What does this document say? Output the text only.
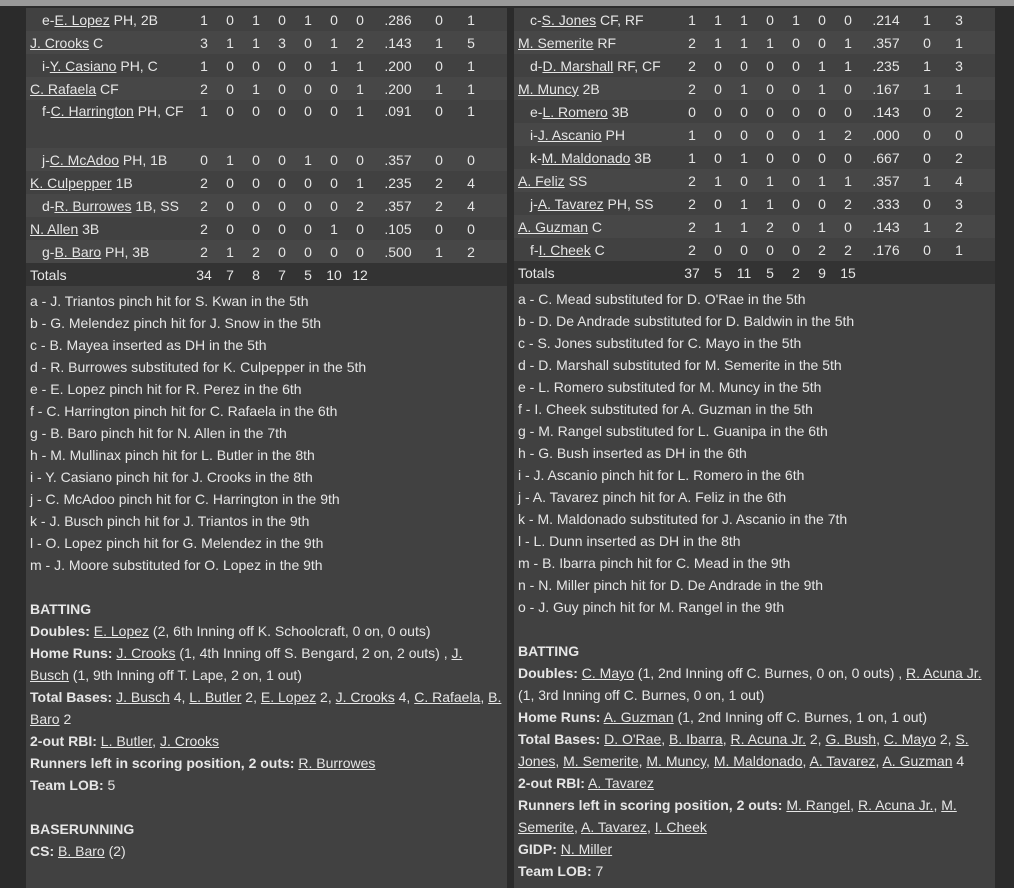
e-E. Lopez PH, 2B	1	0	1	0	1	0	0	.286	0	1	
J. Crooks C	3	1	1	3	0	1	2	.143	1	5	
i-Y. Casiano PH, C	1	0	0	0	0	1	1	.200	0	1	
C. Rafaela CF	2	0	1	0	0	0	1	.200	1	1	
f-C. Harrington PH, CF	1	0	0	0	0	0	1	.091	0	1	
j-C. McAdoo PH, 1B	0	1	0	0	1	0	0	.357	0	0	
K. Culpepper 1B	2	0	0	0	0	0	1	.235	2	4	
d-R. Burrowes 1B, SS	2	0	0	0	0	0	2	.357	2	4	
N. Allen 3B	2	0	0	0	0	1	0	.105	0	0	
g-B. Baro PH, 3B	2	1	2	0	0	0	0	.500	1	2	
Totals	34	7	8	7	5	10	12				
a - J. Triantos pinch hit for S. Kwan in the 5th
b - G. Melendez pinch hit for J. Snow in the 5th
c - B. Mayea inserted as DH in the 5th
d - R. Burrowes substituted for K. Culpepper in the 5th
e - E. Lopez pinch hit for R. Perez in the 6th
f - C. Harrington pinch hit for C. Rafaela in the 6th
g - B. Baro pinch hit for N. Allen in the 7th
h - M. Mullinax pinch hit for L. Butler in the 8th
i - Y. Casiano pinch hit for J. Crooks in the 8th
j - C. McAdoo pinch hit for C. Harrington in the 9th
k - J. Busch pinch hit for J. Triantos in the 9th
l - O. Lopez pinch hit for G. Melendez in the 9th
m - J. Moore substituted for O. Lopez in the 9th
BATTING
Doubles: E. Lopez (2, 6th Inning off K. Schoolcraft, 0 on, 0 outs)
Home Runs: J. Crooks (1, 4th Inning off S. Bengard, 2 on, 2 outs) , J. Busch (1, 9th Inning off T. Lape, 2 on, 1 out)
Total Bases: J. Busch 4, L. Butler 2, E. Lopez 2, J. Crooks 4, C. Rafaela, B. Baro 2
2-out RBI: L. Butler, J. Crooks
Runners left in scoring position, 2 outs: R. Burrowes
Team LOB: 5
BASERUNNING
CS: B. Baro (2)
c-S. Jones CF, RF	1	1	1	0	1	0	0	.214	1	3	
M. Semerite RF	2	1	1	1	0	0	1	.357	0	1	
d-D. Marshall RF, CF	2	0	0	0	0	1	1	.235	1	3	
M. Muncy 2B	2	0	1	0	0	1	0	.167	1	1	
e-L. Romero 3B	0	0	0	0	0	0	0	.143	0	2	
i-J. Ascanio PH	1	0	0	0	0	1	2	.000	0	0	
k-M. Maldonado 3B	1	0	1	0	0	0	0	.667	0	2	
A. Feliz SS	2	1	0	1	0	1	1	.357	1	4	
j-A. Tavarez PH, SS	2	0	1	1	0	0	2	.333	0	3	
A. Guzman C	2	1	1	2	0	1	0	.143	1	2	
f-I. Cheek C	2	0	0	0	0	2	2	.176	0	1	
Totals	37	5	11	5	2	9	15				
a - C. Mead substituted for D. O'Rae in the 5th
b - D. De Andrade substituted for D. Baldwin in the 5th
c - S. Jones substituted for C. Mayo in the 5th
d - D. Marshall substituted for M. Semerite in the 5th
e - L. Romero substituted for M. Muncy in the 5th
f - I. Cheek substituted for A. Guzman in the 5th
g - M. Rangel substituted for L. Guanipa in the 6th
h - G. Bush inserted as DH in the 6th
i - J. Ascanio pinch hit for L. Romero in the 6th
j - A. Tavarez pinch hit for A. Feliz in the 6th
k - M. Maldonado substituted for J. Ascanio in the 7th
l - L. Dunn inserted as DH in the 8th
m - B. Ibarra pinch hit for C. Mead in the 9th
n - N. Miller pinch hit for D. De Andrade in the 9th
o - J. Guy pinch hit for M. Rangel in the 9th
BATTING
Doubles: C. Mayo (1, 2nd Inning off C. Burnes, 0 on, 0 outs) , R. Acuna Jr. (1, 3rd Inning off C. Burnes, 0 on, 1 out)
Home Runs: A. Guzman (1, 2nd Inning off C. Burnes, 1 on, 1 out)
Total Bases: D. O'Rae, B. Ibarra, R. Acuna Jr. 2, G. Bush, C. Mayo 2, S. Jones, M. Semerite, M. Muncy, M. Maldonado, A. Tavarez, A. Guzman 4
2-out RBI: A. Tavarez
Runners left in scoring position, 2 outs: M. Rangel, R. Acuna Jr., M. Semerite, A. Tavarez, I. Cheek
GIDP: N. Miller
Team LOB: 7
